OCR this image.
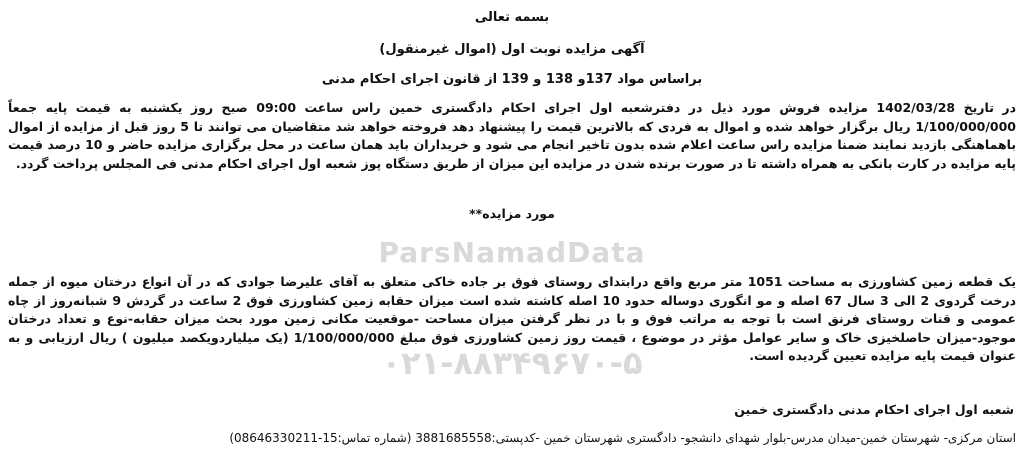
بسمه تعالی
آگهی مزایده نوبت اول (اموال غیرمنقول)
براساس مواد 137و 138 و 139 از قانون اجرای احکام مدنی
در تاریخ 1402/03/28 مزایده فروش مورد ذیل در دفترشعبه اول اجرای احکام دادگستری خمین راس ساعت 09:00 صبح روز یکشنبه به قیمت پایه جمعاً 1/100/000/000 ریال برگزار خواهد شده و اموال به فردی که بالاترین قیمت را پیشنهاد دهد فروخته خواهد شد متقاضیان می توانند تا 5 روز قبل از مزایده از اموال باهماهنگی بازدید نمایند ضمنا مزایده راس ساعت اعلام شده بدون تاخیر انجام می شود و خریداران باید همان ساعت در محل برگزاری مزایده حاضر و 10 درصد قیمت پایه مزایده در کارت بانکی به همراه داشته تا در صورت برنده شدن در مزایده این میزان از طریق دستگاه پوز شعبه اول اجرای احکام مدنی فی المجلس پرداخت گردد.
مورد مزایده**
یک قطعه زمین کشاورزی به مساحت 1051 متر مربع واقع درابتدای روستای فوق بر جاده خاکی متعلق به آقای علیرضا جوادی که در آن انواع درختان میوه از جمله درخت گردوی 2 الی 3 سال 67 اصله و مو انگوری دوساله حدود 10 اصله کاشته شده است میزان حقابه زمین کشاورزی فوق 2 ساعت در گردش 9 شبانه‌روز از چاه عمومی و قنات روستای فرنق است با توجه به مراتب فوق و با در نظر گرفتن میزان مساحت -موقعیت مکانی زمین مورد بحث میزان حقابه-نوع و تعداد درختان موجود-میزان حاصلخیزی خاک و سایر عوامل مؤثر در موضوع ، قیمت روز زمین کشاورزی فوق مبلغ 1/100/000/000 (یک میلیاردویکصد میلیون ) ریال ارزیابی و به عنوان قیمت پایه مزایده تعیین گردیده است.
شعبه اول اجرای احکام مدنی دادگستری خمین
استان مرکزی- شهرستان خمین-میدان مدرس-بلوار شهدای دانشجو- دادگستری شهرستان خمین -کدپستی:3881685558 (شماره تماس:15-08646330211)
ParsNamadData
۰۲۱-۸۸۳۴۹۶۷۰-۵
